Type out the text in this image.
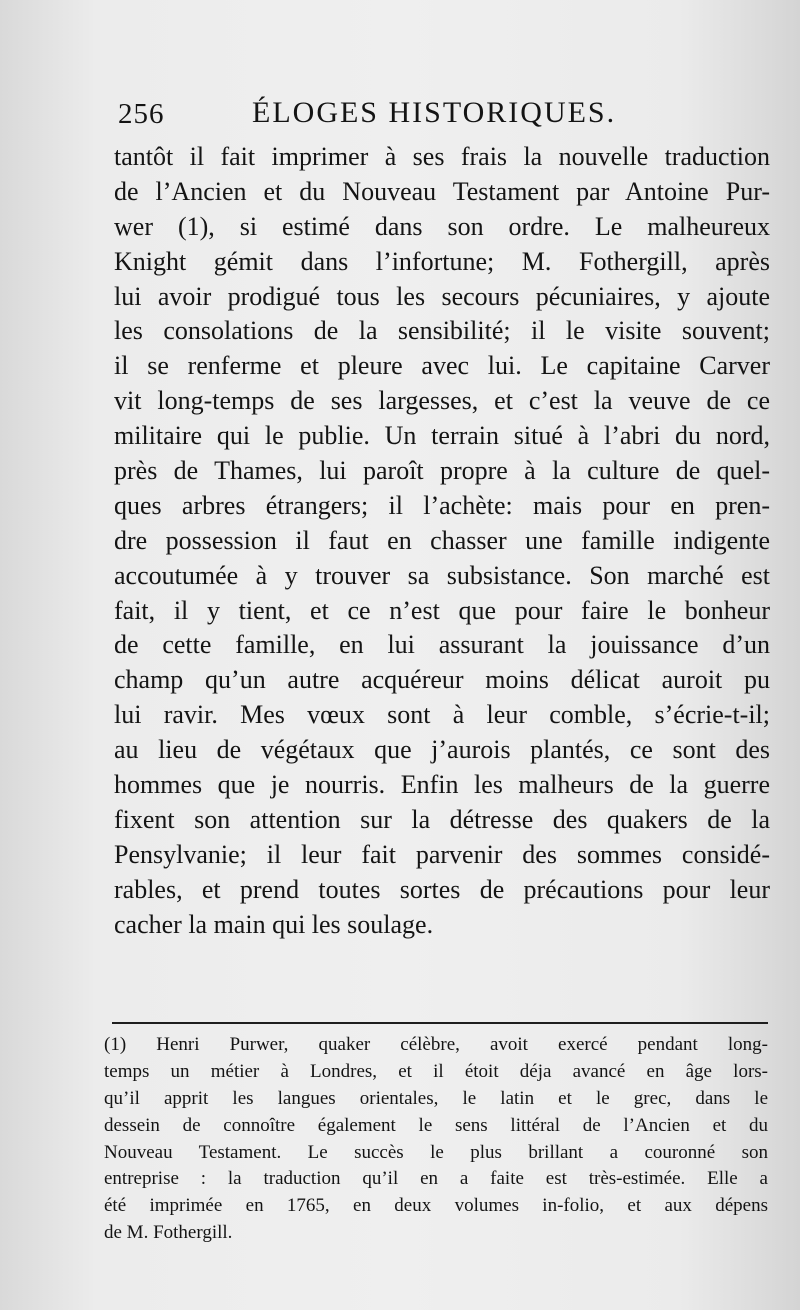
256	ÉLOGES HISTORIQUES.
tantôt il fait imprimer à ses frais la nouvelle traduction
de l’Ancien et du Nouveau Testament par Antoine Pur-
wer (1), si estimé dans son ordre. Le malheureux
Knight gémit dans l’infortune; M. Fothergill, après
lui avoir prodigué tous les secours pécuniaires, y ajoute
les consolations de la sensibilité; il le visite souvent;
il se renferme et pleure avec lui. Le capitaine Carver
vit long-temps de ses largesses, et c’est la veuve de ce
militaire qui le publie. Un terrain situé à l’abri du nord,
près de Thames, lui paroît propre à la culture de quel-
ques arbres étrangers; il l’achète: mais pour en pren-
dre possession il faut en chasser une famille indigente
accoutumée à y trouver sa subsistance. Son marché est
fait, il y tient, et ce n’est que pour faire le bonheur
de cette famille, en lui assurant la jouissance d’un
champ qu’un autre acquéreur moins délicat auroit pu
lui ravir. Mes vœux sont à leur comble, s’écrie-t-il;
au lieu de végétaux que j’aurois plantés, ce sont des
hommes que je nourris. Enfin les malheurs de la guerre
fixent son attention sur la détresse des quakers de la
Pensylvanie; il leur fait parvenir des sommes considé-
rables, et prend toutes sortes de précautions pour leur
cacher la main qui les soulage.
(1) Henri Purwer, quaker célèbre, avoit exercé pendant long-
temps un métier à Londres, et il étoit déja avancé en âge lors-
qu’il apprit les langues orientales, le latin et le grec, dans le
dessein de connoître également le sens littéral de l’Ancien et du
Nouveau Testament. Le succès le plus brillant a couronné son
entreprise : la traduction qu’il en a faite est très-estimée. Elle a
été imprimée en 1765, en deux volumes in-folio, et aux dépens
de M. Fothergill.
